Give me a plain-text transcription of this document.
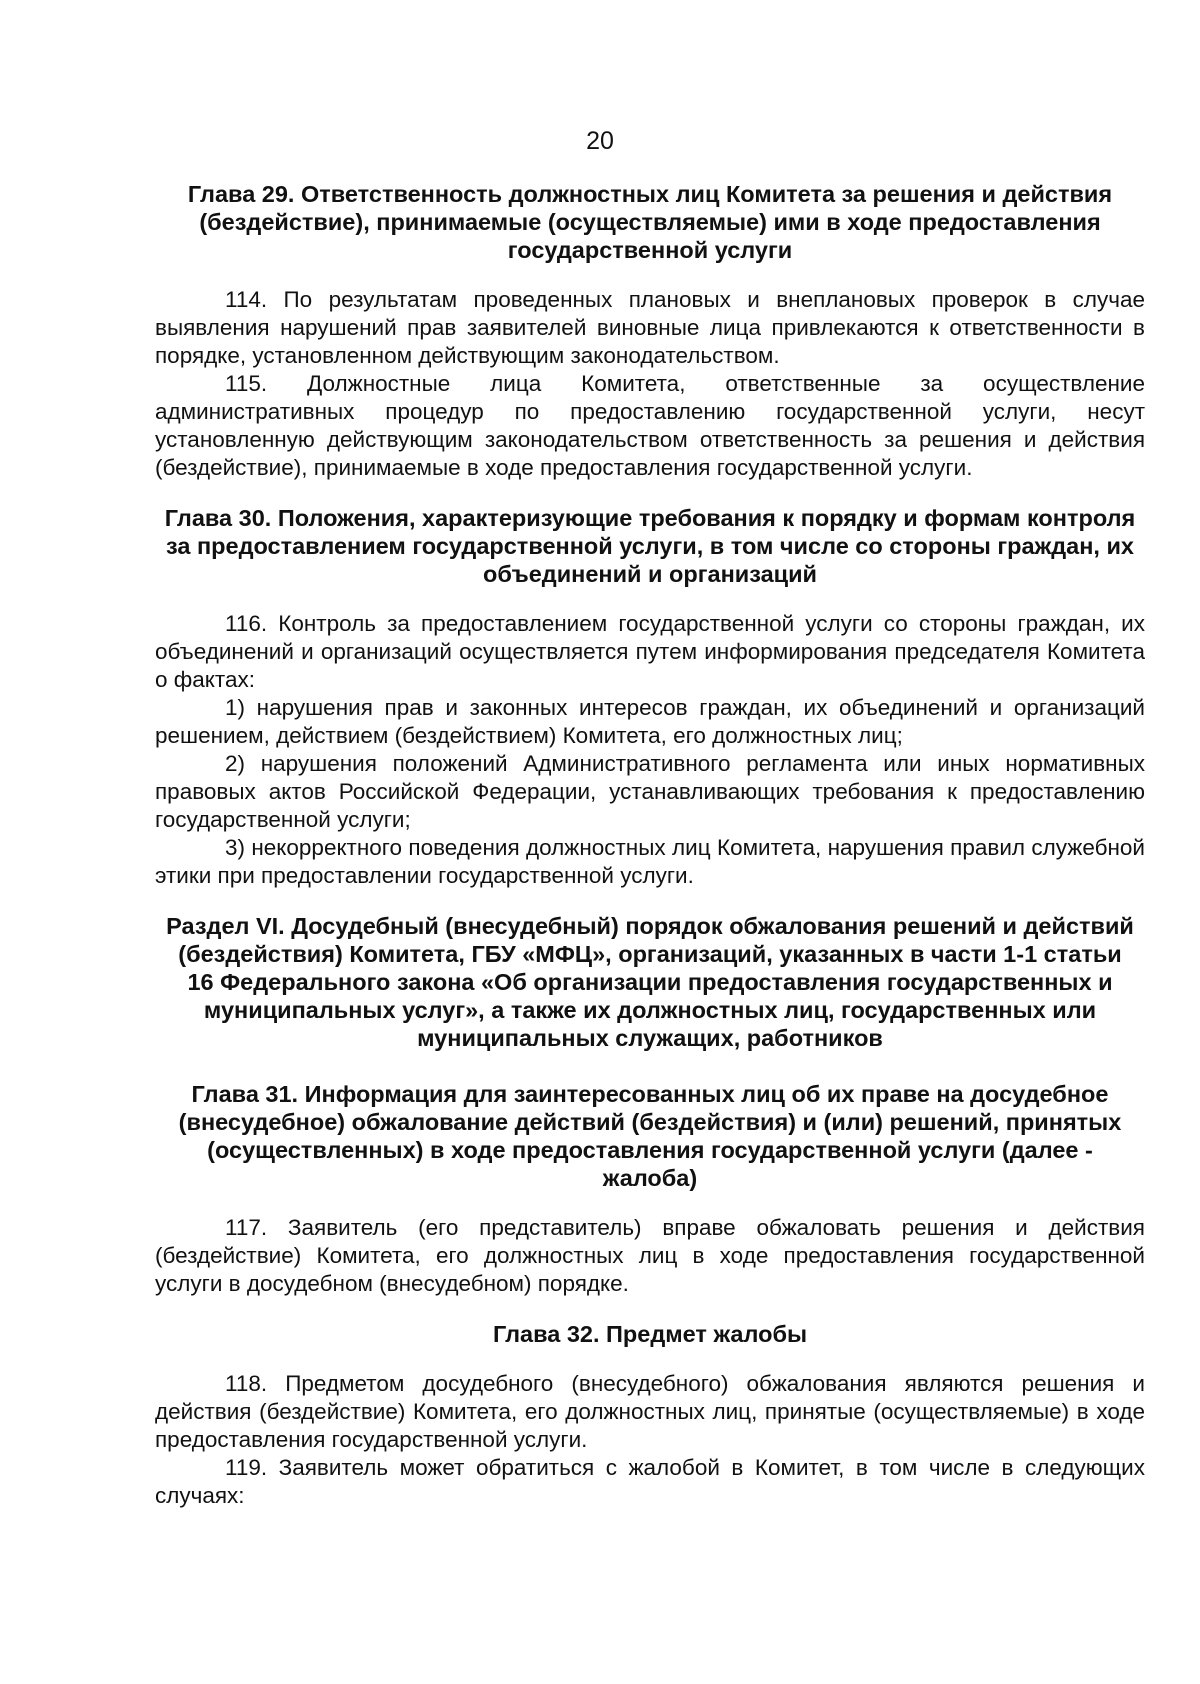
20

Глава 29. Ответственность должностных лиц Комитета за решения и действия (бездействие), принимаемые (осуществляемые) ими в ходе предоставления государственной услуги

114. По результатам проведенных плановых и внеплановых проверок в случае выявления нарушений прав заявителей виновные лица привлекаются к ответственности в порядке, установленном действующим законодательством.

115. Должностные лица Комитета, ответственные за осуществление административных процедур по предоставлению государственной услуги, несут установленную действующим законодательством ответственность за решения и действия (бездействие), принимаемые в ходе предоставления государственной услуги.

Глава 30. Положения, характеризующие требования к порядку и формам контроля за предоставлением государственной услуги, в том числе со стороны граждан, их объединений и организаций

116. Контроль за предоставлением государственной услуги со стороны граждан, их объединений и организаций осуществляется путем информирования председателя Комитета о фактах:

1) нарушения прав и законных интересов граждан, их объединений и организаций решением, действием (бездействием) Комитета, его должностных лиц;

2) нарушения положений Административного регламента или иных нормативных правовых актов Российской Федерации, устанавливающих требования к предоставлению государственной услуги;

3) некорректного поведения должностных лиц Комитета, нарушения правил служебной этики при предоставлении государственной услуги.

Раздел VI. Досудебный (внесудебный) порядок обжалования решений и действий (бездействия) Комитета, ГБУ «МФЦ», организаций, указанных в части 1-1 статьи 16 Федерального закона «Об организации предоставления государственных и муниципальных услуг», а также их должностных лиц, государственных или муниципальных служащих, работников

Глава 31. Информация для заинтересованных лиц об их праве на досудебное (внесудебное) обжалование действий (бездействия) и (или) решений, принятых (осуществленных) в ходе предоставления государственной услуги (далее - жалоба)

117. Заявитель (его представитель) вправе обжаловать решения и действия (бездействие) Комитета, его должностных лиц в ходе предоставления государственной услуги в досудебном (внесудебном) порядке.

Глава 32. Предмет жалобы

118. Предметом досудебного (внесудебного) обжалования являются решения и действия (бездействие) Комитета, его должностных лиц, принятые (осуществляемые) в ходе предоставления государственной услуги.

119. Заявитель может обратиться с жалобой в Комитет, в том числе в следующих случаях:
